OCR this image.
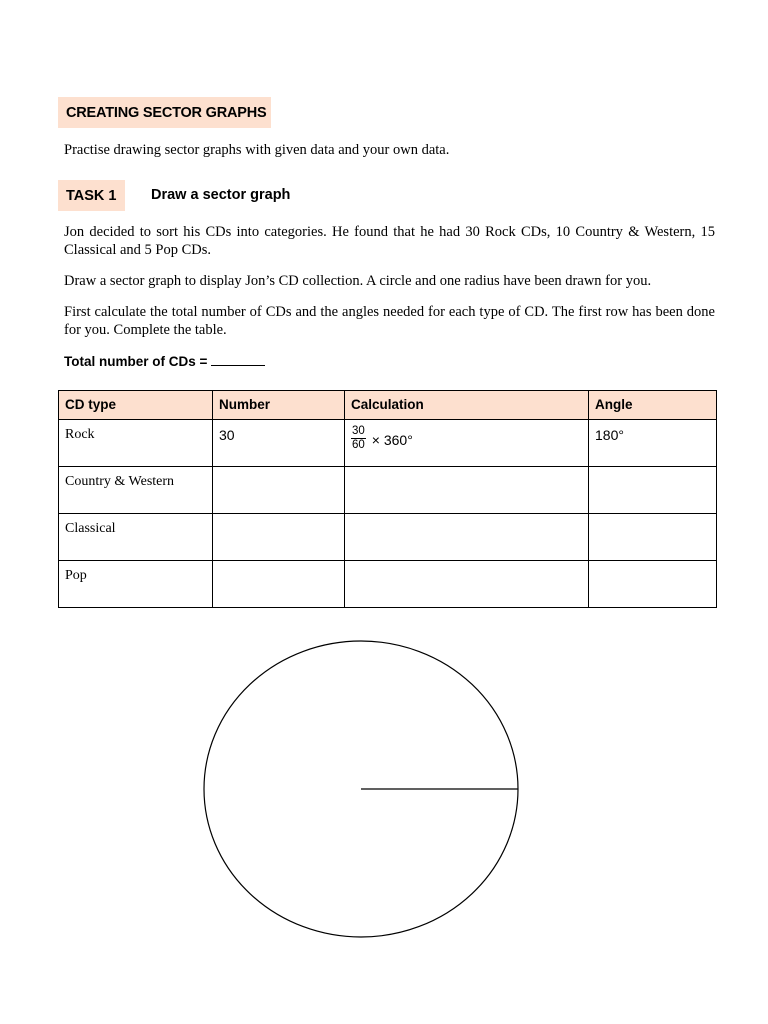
CREATING SECTOR GRAPHS
Practise drawing sector graphs with given data and your own data.
TASK 1	Draw a sector graph
Jon decided to sort his CDs into categories. He found that he had 30 Rock CDs, 10 Country & Western, 15 Classical and 5 Pop CDs.
Draw a sector graph to display Jon’s CD collection. A circle and one radius have been drawn for you.
First calculate the total number of CDs and the angles needed for each type of CD. The first row has been done for you. Complete the table.
Total number of CDs =
CD type	Number	Calculation	Angle
Rock	30	$\frac{30}{60} \times 360^\circ$	180°
Country & Western			
Classical			
Pop			
